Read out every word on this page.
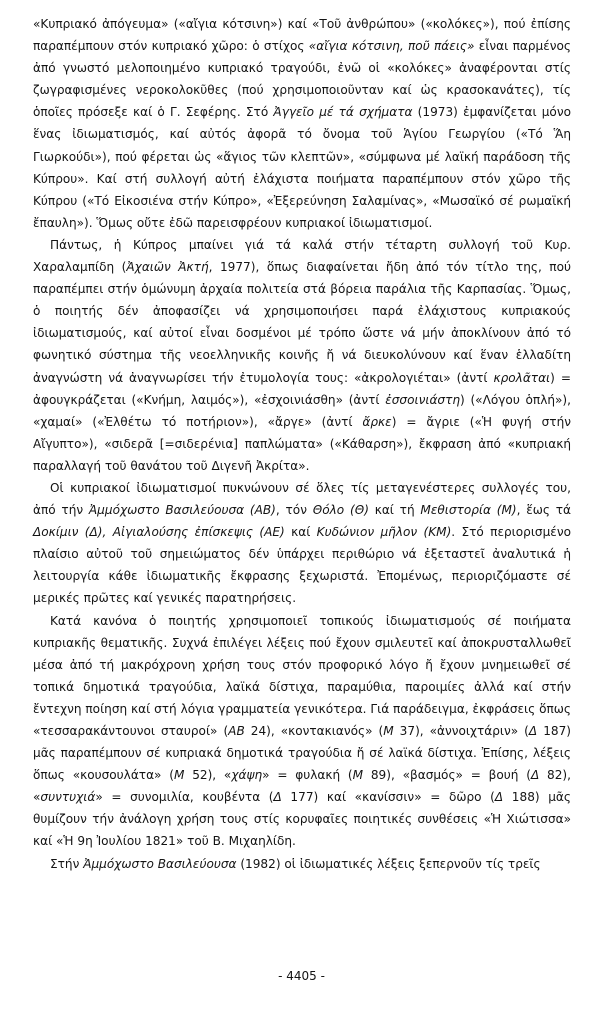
«Κυπριακό ἀπόγευμα» («αἴγια κότσινη») καί «Τοῦ ἀνθρώπου» («κολόκες»), πού ἐπίσης παραπέμπουν στόν κυπριακό χῶρο: ὁ στίχος «αἴγια κότσινη, ποῦ πάεις» εἶναι παρμένος ἀπό γνωστό μελοποιημένο κυπριακό τραγούδι, ἐνῶ οἱ «κολόκες» ἀναφέρονται στίς ζωγραφισμένες νεροκολοκῦθες (πού χρησιμοποιοῦνταν καί ὡς κρασοκανάτες), τίς ὁποῖες πρόσεξε καί ὁ Γ. Σεφέρης. Στό Ἀγγεῖο μέ τά σχήματα (1973) ἐμφανίζεται μόνο ἕνας ἰδιωματισμός, καί αὐτός ἀφορᾶ τό ὄνομα τοῦ Ἁγίου Γεωργίου («Τό Ἅη Γιωρκούδι»), πού φέρεται ὡς «ἅγιος τῶν κλεπτῶν», «σύμφωνα μέ λαϊκή παράδοση τῆς Κύπρου». Καί στή συλλογή αὐτή ἐλάχιστα ποιήματα παραπέμπουν στόν χῶρο τῆς Κύπρου («Τό Εἰκοσιένα στήν Κύπρο», «Ἐξερεύνηση Σαλαμίνας», «Μωσαϊκό σέ ρωμαϊκή ἔπαυλη»). Ὅμως οὔτε ἐδῶ παρεισφρέουν κυπριακοί ἰδιωματισμοί.

Πάντως, ἡ Κύπρος μπαίνει γιά τά καλά στήν τέταρτη συλλογή τοῦ Κυρ. Χαραλαμπίδη (Ἀχαιῶν Ἀκτή, 1977), ὅπως διαφαίνεται ἤδη ἀπό τόν τίτλο της, πού παραπέμπει στήν ὁμώνυμη ἀρχαία πολιτεία στά βόρεια παράλια τῆς Καρπασίας. Ὅμως, ὁ ποιητής δέν ἀποφασίζει νά χρησιμοποιήσει παρά ἐλάχιστους κυπριακούς ἰδιωματισμούς, καί αὐτοί εἶναι δοσμένοι μέ τρόπο ὥστε νά μήν ἀποκλίνουν ἀπό τό φωνητικό σύστημα τῆς νεοελληνικῆς κοινῆς ἤ νά διευκολύνουν καί ἕναν ἑλλαδίτη ἀναγνώστη νά ἀναγνωρίσει τήν ἐτυμολογία τους: «ἀκρολογιέται» (ἀντί κρολᾶται) = ἀφουγκράζεται («Κνήμη, λαιμός»), «ἐσχοινιάσθη» (ἀντί ἐσσοινιάστη) («Λόγου ὁπλή»), «χαμαί» («Ἐλθέτω τό ποτήριον»), «ἄργε» (ἀντί ἄρκε) = ἄγριε («Ἡ φυγή στήν Αἴγυπτο»), «σιδερᾶ [=σιδερένια] παπλώματα» («Κάθαρση»), ἔκφραση ἀπό «κυπριακή παραλλαγή τοῦ θανάτου τοῦ Διγενῆ Ἀκρίτα».

Οἱ κυπριακοί ἰδιωματισμοί πυκνώνουν σέ ὅλες τίς μεταγενέστερες συλλογές του, ἀπό τήν Ἀμμόχωστο Βασιλεύουσα (ΑΒ), τόν Θόλο (Θ) καί τή Μεθιστορία (Μ), ἕως τά Δοκίμιν (Δ), Αἰγιαλούσης ἐπίσκεψις (ΑΕ) καί Κυδώνιον μῆλον (ΚΜ). Στό περιορισμένο πλαίσιο αὐτοῦ τοῦ σημειώματος δέν ὑπάρχει περιθώριο νά ἐξεταστεῖ ἀναλυτικά ἡ λειτουργία κάθε ἰδιωματικῆς ἔκφρασης ξεχωριστά. Ἐπομένως, περιοριζόμαστε σέ μερικές πρῶτες καί γενικές παρατηρήσεις.

Κατά κανόνα ὁ ποιητής χρησιμοποιεῖ τοπικούς ἰδιωματισμούς σέ ποιήματα κυπριακῆς θεματικῆς. Συχνά ἐπιλέγει λέξεις πού ἔχουν σμιλευτεῖ καί ἀποκρυσταλλωθεῖ μέσα ἀπό τή μακρόχρονη χρήση τους στόν προφορικό λόγο ἤ ἔχουν μνημειωθεῖ σέ τοπικά δημοτικά τραγούδια, λαϊκά δίστιχα, παραμύθια, παροιμίες ἀλλά καί στήν ἔντεχνη ποίηση καί στή λόγια γραμματεία γενικότερα. Γιά παράδειγμα, ἐκφράσεις ὅπως «τεσσαρακάντουνοι σταυροί» (ΑΒ 24), «κοντακιανός» (Μ 37), «ἀννοιχτάριν» (Δ 187) μᾶς παραπέμπουν σέ κυπριακά δημοτικά τραγούδια ἤ σέ λαϊκά δίστιχα. Ἐπίσης, λέξεις ὅπως «κουσουλάτα» (Μ 52), «χάψη» = φυλακή (Μ 89), «βασμός» = βουή (Δ 82), «συντυχιά» = συνομιλία, κουβέντα (Δ 177) καί «κανίσσιν» = δῶρο (Δ 188) μᾶς θυμίζουν τήν ἀνάλογη χρήση τους στίς κορυφαῖες ποιητικές συνθέσεις «Ἡ Χιώτισσα» καί «Ἡ 9η Ἰουλίου 1821» τοῦ Β. Μιχαηλίδη.

Στήν Ἀμμόχωστο Βασιλεύουσα (1982) οἱ ἰδιωματικές λέξεις ξεπερνοῦν τίς τρεῖς

- 4405 -
